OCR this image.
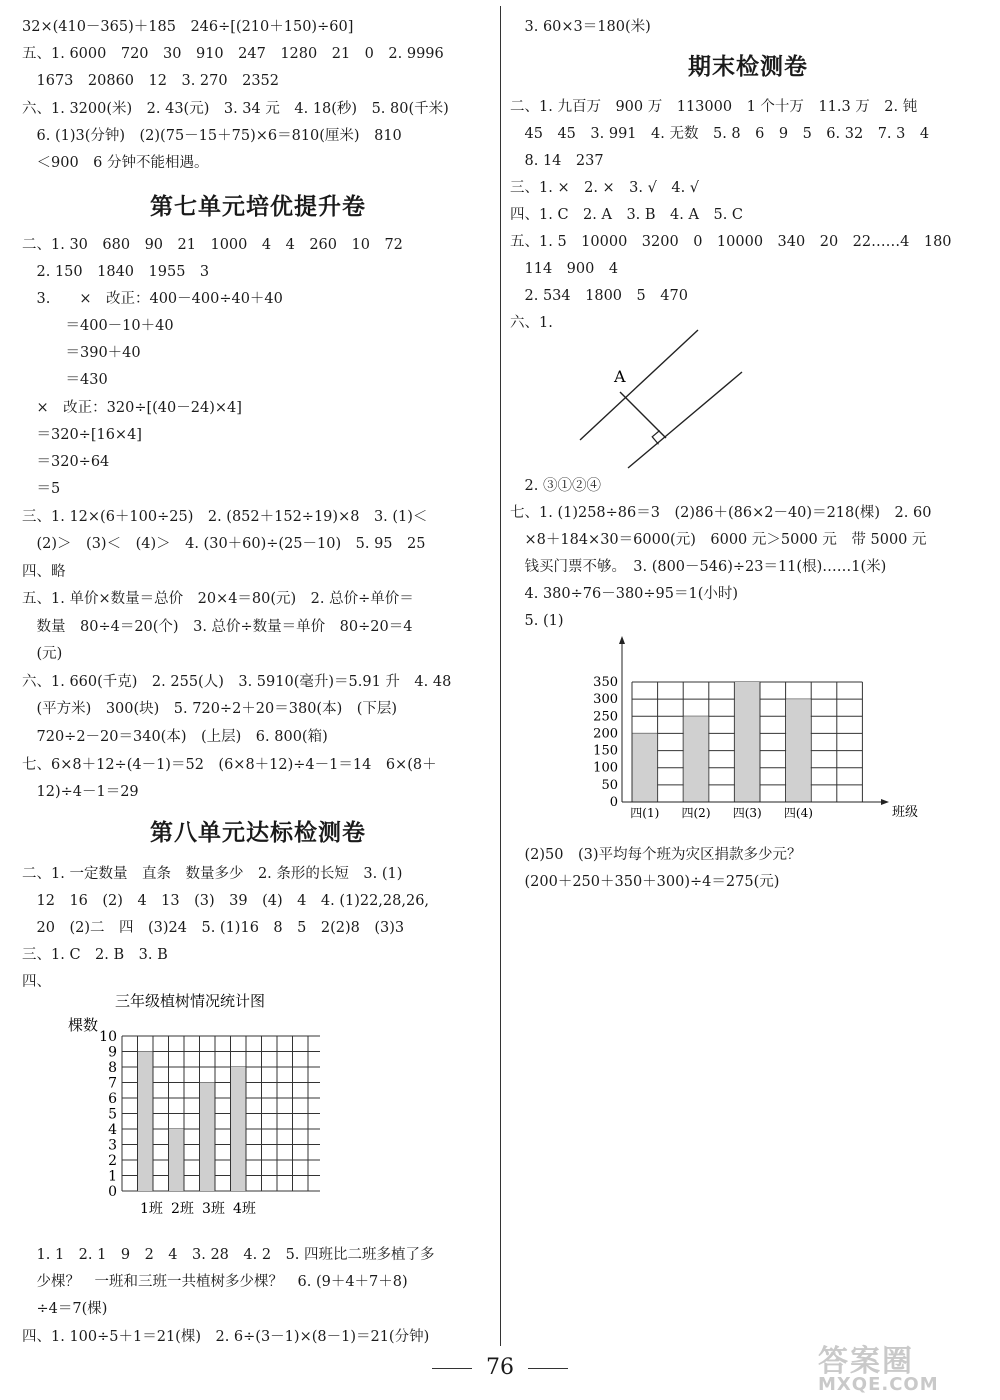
32×(410－365)＋185　246÷[(210＋150)÷60]
五、1. 6000　720　30　910　247　1280　21　0　2. 9996
　1673　20860　12　3. 270　2352
六、1. 3200(米)　2. 43(元)　3. 34 元　4. 18(秒)　5. 80(千米)
　6. (1)3(分钟)　(2)(75－15＋75)×6＝810(厘米)　810
　＜900　6 分钟不能相遇。
第七单元培优提升卷
二、1. 30　680　90　21　1000　4　4　260　10　72
　2. 150　1840　1955　3
　3.　　×　改正：400－400÷40＋40
　　　＝400－10＋40
　　　＝390＋40
　　　＝430
　×　改正：320÷[(40－24)×4]
　＝320÷[16×4]
　＝320÷64
　＝5
三、1. 12×(6＋100÷25)　2. (852＋152÷19)×8　3. (1)＜
　(2)＞　(3)＜　(4)＞　4. (30＋60)÷(25－10)　5. 95　25
四、略
五、1. 单价×数量＝总价　20×4＝80(元)　2. 总价÷单价＝
　数量　80÷4＝20(个)　3. 总价÷数量＝单价　80÷20＝4
　(元)
六、1. 660(千克)　2. 255(人)　3. 5910(毫升)＝5.91 升　4. 48
　(平方米)　300(块)　5. 720÷2＋20＝380(本)　(下层)
　720÷2－20＝340(本)　(上层)　6. 800(箱)
七、6×8＋12÷(4－1)＝52　(6×8＋12)÷4－1＝14　6×(8＋
　12)÷4－1＝29
第八单元达标检测卷
二、1. 一定数量　直条　数量多少　2. 条形的长短　3. (1)
　12　16　(2)　4　13　(3)　39　(4)　4　4. (1)22,28,26,
　20　(2)二　四　(3)24　5. (1)16　8　5　2(2)8　(3)3
三、1. C　2. B　3. B
四、
三年级植树情况统计图
棵数
0
1
2
3
4
5
6
7
8
9
10
1班 2班 3班 4班
　1. 1　2. 1　9　2　4　3. 28　4. 2　5. 四班比二班多植了多
　少棵？　一班和三班一共植树多少棵？　6. (9＋4＋7＋8)
　÷4＝7(棵)
四、1. 100÷5＋1＝21(棵)　2. 6÷(3－1)×(8－1)＝21(分钟)
　3. 60×3＝180(米)
期末检测卷
二、1. 九百万　900 万　113000　1 个十万　11.3 万　2. 钝
　45　45　3. 991　4. 无数　5. 8　6　9　5　6. 32　7. 3　4
　8. 14　237
三、1. ×　2. ×　3. √　4. √
四、1. C　2. A　3. B　4. A　5. C
五、1. 5　10000　3200　0　10000　340　20　22……4　180
　114　900　4
　2. 534　1800　5　470
六、1.
A
　2. ③①②④
七、1. (1)258÷86＝3　(2)86＋(86×2－40)＝218(棵)　2. 60
　×8＋184×30＝6000(元)　6000 元＞5000 元　带 5000 元
　钱买门票不够。　3. (800－546)÷23＝11(根)……1(米)
　4. 380÷76－380÷95＝1(小时)
　5. (1)
0
50
100
150
200
250
300
350
四(1) 四(2) 四(3) 四(4)	班级
　(2)50　(3)平均每个班为灾区捐款多少元？
　(200＋250＋350＋300)÷4＝275(元)
76	答案圈
MXQE.COM
